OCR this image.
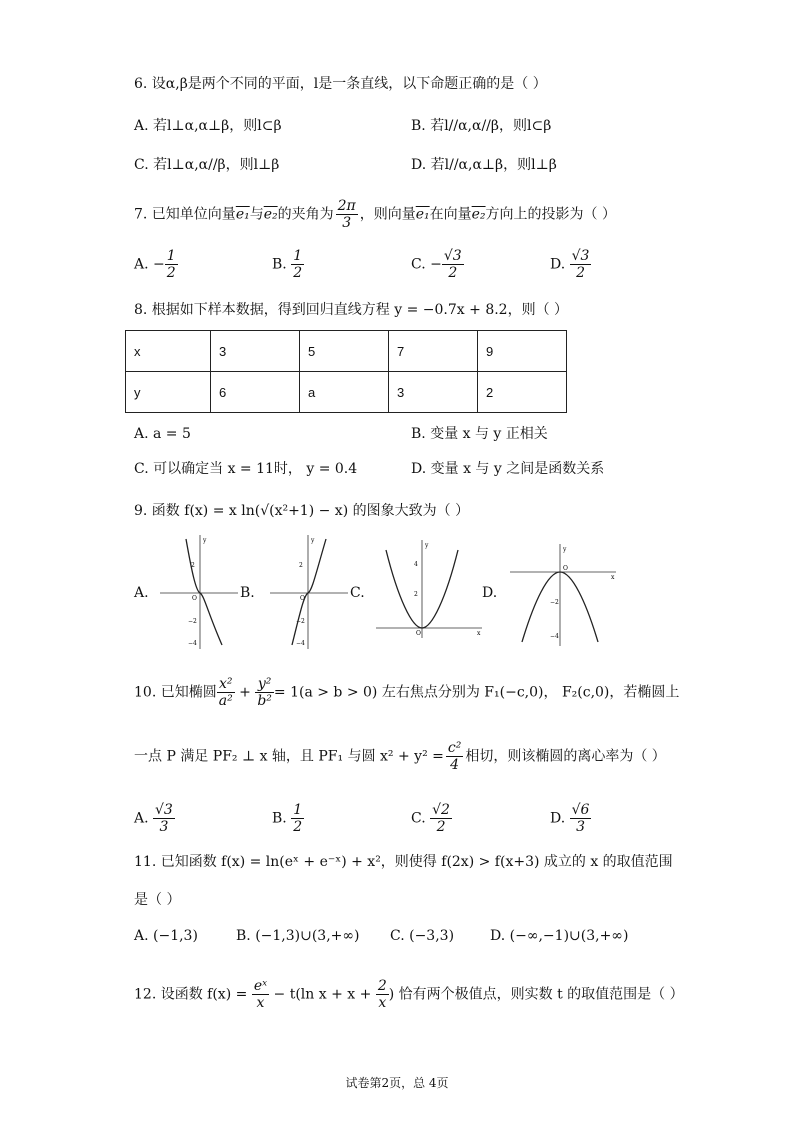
6. 设α,β是两个不同的平面，l是一条直线，以下命题正确的是（ ）
A. 若l⊥α,α⊥β，则l⊂β	B. 若l//α,α//β，则l⊂β
C. 若l⊥α,α//β，则l⊥β	D. 若l//α,α⊥β，则l⊥β
7. 已知单位向量e₁与e₂的夹角为 $\frac{2\pi}{3}$ ，则向量e₁在向量e₂方向上的投影为（ ）
A. − $\frac{1}{2}$	B. $\frac{1}{2}$	C. − $\frac{√3}{2}$	D. $\frac{√3}{2}$
8. 根据如下样本数据，得到回归直线方程 y = −0.7x + 8.2，则（ ）
x	3	5	7	9
y	6	a	3	2
A. a = 5	B. 变量 x 与 y 正相关
C. 可以确定当 x = 11时， y = 0.4	D. 变量 x 与 y 之间是函数关系
9. 函数 f(x) = x ln(√(x²+1) − x) 的图象大致为（ ）
A.
y
O
2
−2
−4
B.
y
O
2
−2
−4
C.
y
x
O
4
2	D.
y
x
O
−2
−4
10. 已知椭圆 $\frac{\text{x²}}{\text{a²}} + \frac{\text{y²}}{\text{b²}} = 1(a > b > 0)$ 左右焦点分别为 F₁(−c,0)， F₂(c,0)，若椭圆上
一点 P 满足 PF₂ ⊥ x 轴，且 PF₁ 与圆 $x^2 + y^2 = \frac{\text{c²}}{4}$ 相切，则该椭圆的离心率为（ ）
A. $\frac{√3}{3}$	B. $\frac{1}{2}$	C. $\frac{√2}{2}$	D. $\frac{√6}{3}$
11. 已知函数 f(x) = ln(eˣ + e⁻ˣ) + x²，则使得 f(2x) > f(x+3) 成立的 x 的取值范围
是（ ）
A. (−1,3)	B. (−1,3)∪(3,+∞) C. (−3,3)	D. (−∞,−1)∪(3,+∞)
12. 设函数 $f(x) = \frac{\text{eˣ}}{x} - t(\ln$ $x + x + \frac{2}{x}$ ) 恰有两个极值点，则实数 t 的取值范围是（ ）
试卷第2页，总 4页
